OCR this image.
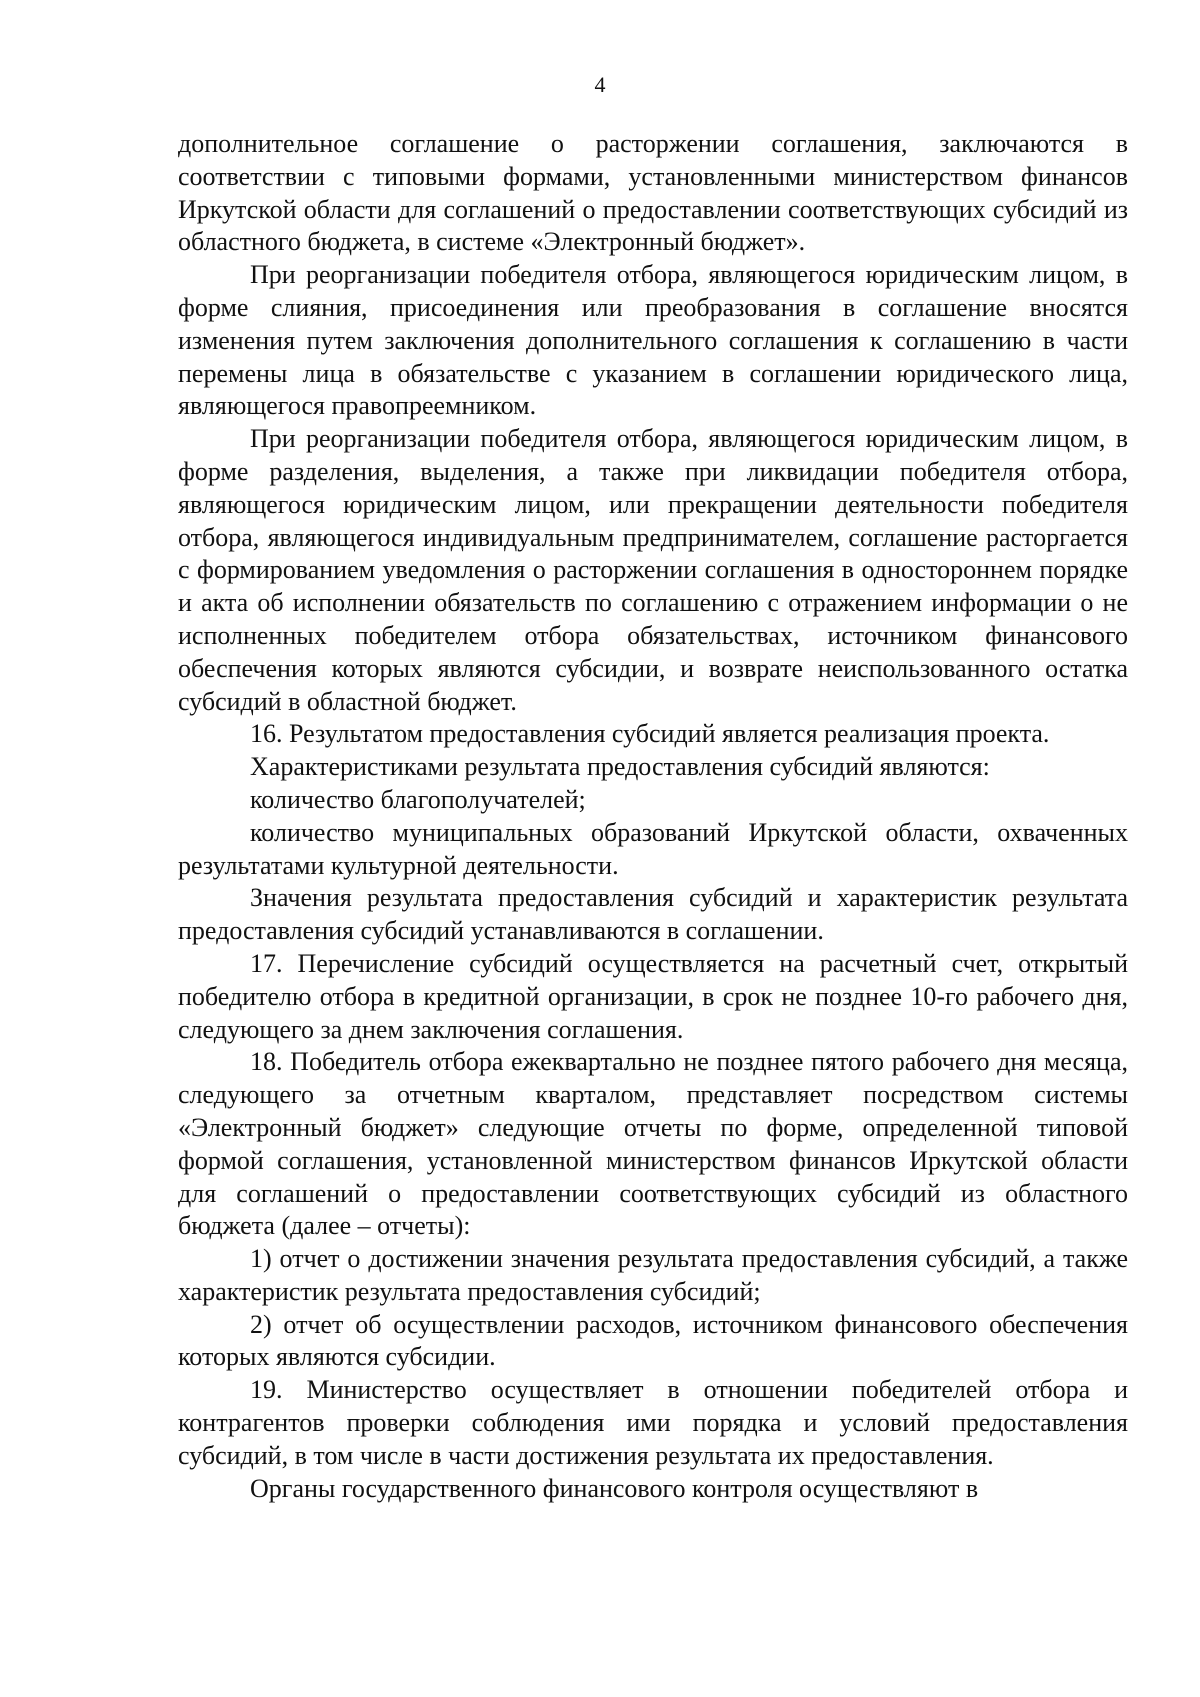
4

дополнительное соглашение о расторжении соглашения, заключаются в соответствии с типовыми формами, установленными министерством финансов Иркутской области для соглашений о предоставлении соответствующих субсидий из областного бюджета, в системе «Электронный бюджет».

При реорганизации победителя отбора, являющегося юридическим лицом, в форме слияния, присоединения или преобразования в соглашение вносятся изменения путем заключения дополнительного соглашения к соглашению в части перемены лица в обязательстве с указанием в соглашении юридического лица, являющегося правопреемником.

При реорганизации победителя отбора, являющегося юридическим лицом, в форме разделения, выделения, а также при ликвидации победителя отбора, являющегося юридическим лицом, или прекращении деятельности победителя отбора, являющегося индивидуальным предпринимателем, соглашение расторгается с формированием уведомления о расторжении соглашения в одностороннем порядке и акта об исполнении обязательств по соглашению с отражением информации о не исполненных победителем отбора обязательствах, источником финансового обеспечения которых являются субсидии, и возврате неиспользованного остатка субсидий в областной бюджет.

16. Результатом предоставления субсидий является реализация проекта.

Характеристиками результата предоставления субсидий являются:

количество благополучателей;

количество муниципальных образований Иркутской области, охваченных результатами культурной деятельности.

Значения результата предоставления субсидий и характеристик результата предоставления субсидий устанавливаются в соглашении.

17. Перечисление субсидий осуществляется на расчетный счет, открытый победителю отбора в кредитной организации, в срок не позднее 10-го рабочего дня, следующего за днем заключения соглашения.

18. Победитель отбора ежеквартально не позднее пятого рабочего дня месяца, следующего за отчетным кварталом, представляет посредством системы «Электронный бюджет» следующие отчеты по форме, определенной типовой формой соглашения, установленной министерством финансов Иркутской области для соглашений о предоставлении соответствующих субсидий из областного бюджета (далее – отчеты):

1) отчет о достижении значения результата предоставления субсидий, а также характеристик результата предоставления субсидий;

2) отчет об осуществлении расходов, источником финансового обеспечения которых являются субсидии.

19. Министерство осуществляет в отношении победителей отбора и контрагентов проверки соблюдения ими порядка и условий предоставления субсидий, в том числе в части достижения результата их предоставления.

Органы государственного финансового контроля осуществляют в
